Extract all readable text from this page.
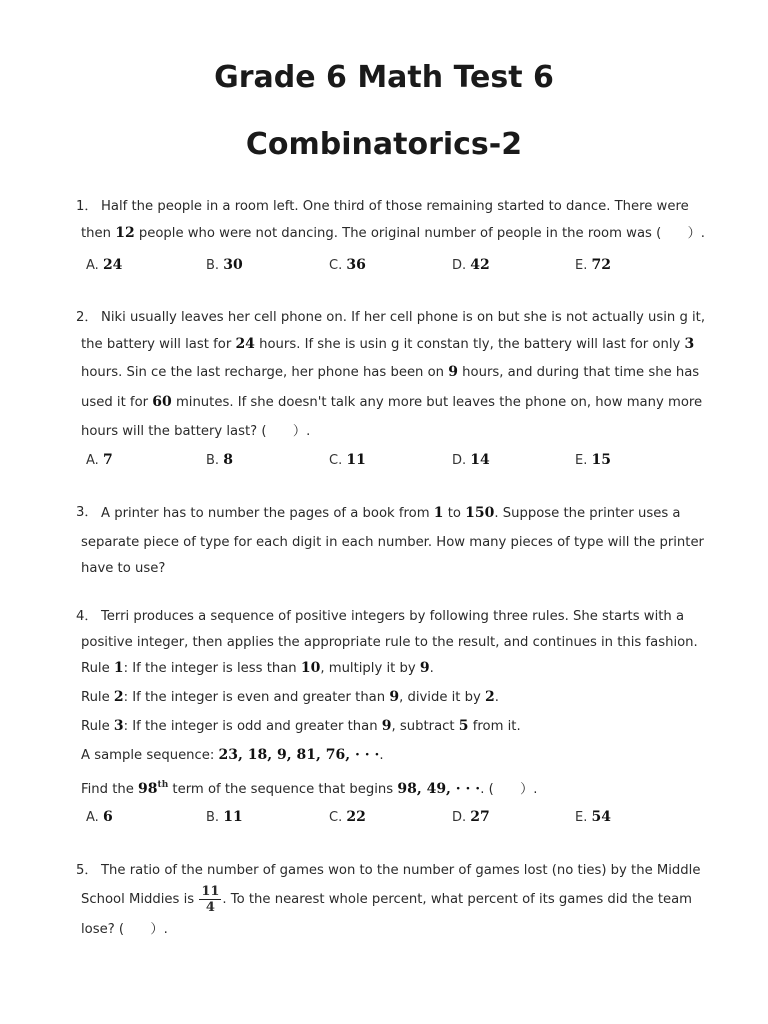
Grade 6 Math Test 6
Combinatorics-2
1． Half the people in a room left. One third of those remaining started to dance. There were
then 12 people who were not dancing. The original number of people in the room was (　　）.
A. 24	B. 30	C. 36	D. 42	E. 72
2． Niki usually leaves her cell phone on. If her cell phone is on but she is not actually usin g it,
the battery will last for 24 hours. If she is usin g it constan tly, the battery will last for only 3
hours. Sin ce the last recharge, her phone has been on 9 hours, and during that time she has
used it for 60 minutes. If she doesn't talk any more but leaves the phone on, how many more
hours will the battery last? (　　）.
A. 7	B. 8	C. 11	D. 14	E. 15
3． A printer has to number the pages of a book from 1 to 150. Suppose the printer uses a
separate piece of type for each digit in each number. How many pieces of type will the printer
have to use?
4． Terri produces a sequence of positive integers by following three rules. She starts with a
positive integer, then applies the appropriate rule to the result, and continues in this fashion.
Rule 1: If the integer is less than 10, multiply it by 9.
Rule 2: If the integer is even and greater than 9, divide it by 2.
Rule 3: If the integer is odd and greater than 9, subtract 5 from it.
A sample sequence: 23, 18, 9, 81, 76, · · ·.
Find the 98th term of the sequence that begins 98, 49, · · ·. (　　）.
A. 6	B. 11	C. 22	D. 27	E. 54
5． The ratio of the number of games won to the number of games lost (no ties) by the Middle
School Middies is $\frac{11}{4}$ . To the nearest whole percent, what percent of its games did the team
lose? (　　）.
